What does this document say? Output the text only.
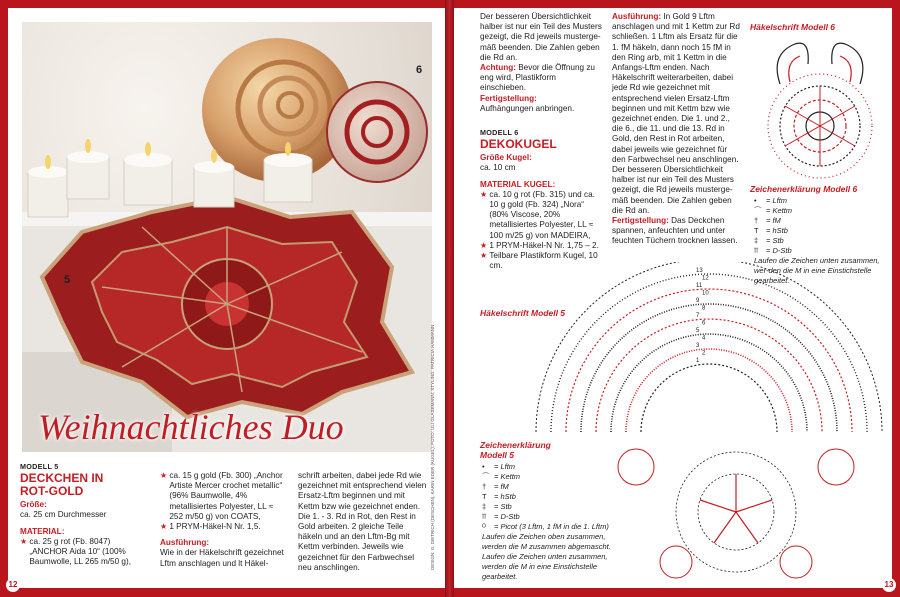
5
6
Weihnachtliches Duo

MODELL 5

DECKCHEN IN

ROT-GOLD

Größe:

ca. 25 cm Durchmesser

MATERIAL:

★ ca. 25 g rot (Fb. 8047) „ANCHOR Aida 10“ (100% Baumwolle, LL 265 m/50 g),

★ ca. 15 g gold (Fb. 300) „Anchor Artiste Mercer crochet metallic“ (96% Baumwolle, 4% metallisiertes Polyester, LL ≈ 252 m/50 g) von COATS,

★ 1 PRYM-Häkel-N Nr. 1,5.

Ausführung:

Wie in der Häkelschrift gezeichnet Lftm anschlagen und lt Häkel-

schrift arbeiten, dabei jede Rd wie gezeichnet mit entsprechend vielen Ersatz-Lftm beginnen und mit Kettm bzw wie gezeichnet enden. Die 1. - 3. Rd in Rot, den Rest in Gold arbeiten. 2 gleiche Teile häkeln und an den Lftm-Bg mit Kettm verbinden. Jeweils wie gezeichnet für den Farbwechsel neu anschlingen.

12
DESIGN: G. DIETRICH (DESCHEN), KARIN EDER (KUGEL); FOTO: ULI GLASEMANN; STYLING: PATRICIA HAMMANN

Der besseren Übersichtlichkeit halber ist nur ein Teil des Musters gezeigt, die Rd jeweils musterge-mäß beenden. Die Zahlen geben die Rd an.

Achtung: Bevor die Öffnung zu eng wird, Plastikform einschieben.

Fertigstellung:

Aufhängungen anbringen.

MODELL 6

DEKOKUGEL

Größe Kugel:

ca. 10 cm

MATERIAL KUGEL:

★ ca. 10 g rot (Fb. 315) und ca. 10 g gold (Fb. 324) „Nora“ (80% Viscose, 20% metallisiertes Polyester, LL ≈ 100 m/25 g) von MADEIRA,

★ 1 PRYM-Häkel-N Nr. 1,75 – 2.

★ Teilbare Plastikform Kugel, 10 cm.

Ausführung: In Gold 9 Lftm anschlagen und mit 1 Kettm zur Rd schließen. 1 Lftm als Ersatz für die 1. fM häkeln, dann noch 15 fM in den Ring arb, mit 1 Kettm in die Anfangs-Lftm enden. Nach Häkelschrift weiterarbeiten, dabei jede Rd wie gezeichnet mit entsprechend vielen Ersatz-Lftm beginnen und mit Kettm bzw wie gezeichnet enden. Die 1. und 2., die 6., die 11. und die 13. Rd in Gold, den Rest in Rot arbeiten, dabei jeweils wie gezeichnet für den Farbwechsel neu anschlingen. Der besseren Übersichtlichkeit halber ist nur ein Teil des Musters gezeigt, die Rd jeweils musterge-mäß beenden. Die Zahlen geben die Rd an.

Fertigstellung: Das Deckchen spannen, anfeuchten und unter feuchten Tüchern trocknen lassen.

Häkelschrift Modell 6
Zeichenerklärung Modell 6
• = Lftm
⌒ = Kettm
† = fM
T = hStb
‡ = Stb
⫪ = D-Stb
Laufen die Zeichen unten zusammen, wer-den die M in eine Einstichstelle gearbeitet.
Häkelschrift Modell 5
13
12
11
10
9
8
7
6
5
4
3
2
1
Zeichenerklärung
Modell 5
• = Lftm
⌒ = Kettm
† = fM
T = hStb
‡ = Stb
⫪ = D-Stb
ᴼ = Picot (3 Lftm, 1 fM in die 1. Lftm)
Laufen die Zeichen oben zusammen, werden die M zusammen abgemascht. Laufen die Zeichen unten zusammen, werden die M in eine Einstichstelle gearbeitet.
13
